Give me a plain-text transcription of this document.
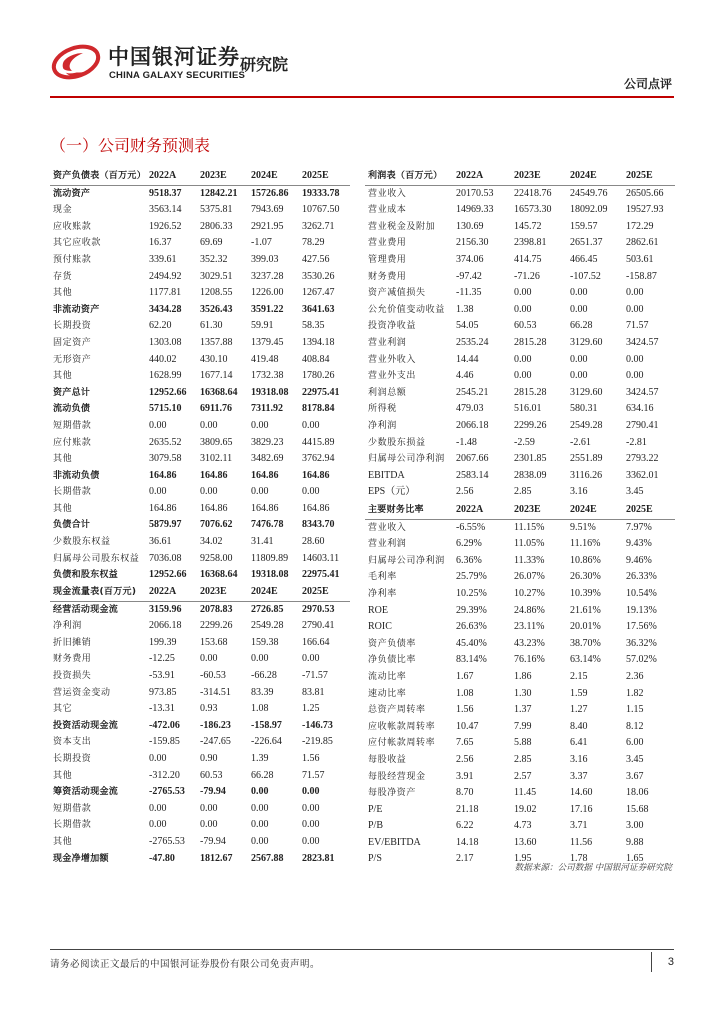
中国银河证券
CHINA GALAXY SECURITIES
研究院
公司点评
（一）公司财务预测表
资产负债表（百万元）	2022A	2023E	2024E	2025E
流动资产	9518.37	12842.21	15726.86	19333.78
现金	3563.14	5375.81	7943.69	10767.50
应收账款	1926.52	2806.33	2921.95	3262.71
其它应收款	16.37	69.69	-1.07	78.29
预付账款	339.61	352.32	399.03	427.56
存货	2494.92	3029.51	3237.28	3530.26
其他	1177.81	1208.55	1226.00	1267.47
非流动资产	3434.28	3526.43	3591.22	3641.63
长期投资	62.20	61.30	59.91	58.35
固定资产	1303.08	1357.88	1379.45	1394.18
无形资产	440.02	430.10	419.48	408.84
其他	1628.99	1677.14	1732.38	1780.26
资产总计	12952.66	16368.64	19318.08	22975.41
流动负债	5715.10	6911.76	7311.92	8178.84
短期借款	0.00	0.00	0.00	0.00
应付账款	2635.52	3809.65	3829.23	4415.89
其他	3079.58	3102.11	3482.69	3762.94
非流动负债	164.86	164.86	164.86	164.86
长期借款	0.00	0.00	0.00	0.00
其他	164.86	164.86	164.86	164.86
负债合计	5879.97	7076.62	7476.78	8343.70
少数股东权益	36.61	34.02	31.41	28.60
归属母公司股东权益	7036.08	9258.00	11809.89	14603.11
负债和股东权益	12952.66	16368.64	19318.08	22975.41
利润表（百万元）	2022A	2023E	2024E	2025E
营业收入	20170.53	22418.76	24549.76	26505.66
营业成本	14969.33	16573.30	18092.09	19527.93
营业税金及附加	130.69	145.72	159.57	172.29
营业费用	2156.30	2398.81	2651.37	2862.61
管理费用	374.06	414.75	466.45	503.61
财务费用	-97.42	-71.26	-107.52	-158.87
资产减值损失	-11.35	0.00	0.00	0.00
公允价值变动收益	1.38	0.00	0.00	0.00
投资净收益	54.05	60.53	66.28	71.57
营业利润	2535.24	2815.28	3129.60	3424.57
营业外收入	14.44	0.00	0.00	0.00
营业外支出	4.46	0.00	0.00	0.00
利润总额	2545.21	2815.28	3129.60	3424.57
所得税	479.03	516.01	580.31	634.16
净利润	2066.18	2299.26	2549.28	2790.41
少数股东损益	-1.48	-2.59	-2.61	-2.81
归属母公司净利润	2067.66	2301.85	2551.89	2793.22
EBITDA	2583.14	2838.09	3116.26	3362.01
EPS（元）	2.56	2.85	3.16	3.45
主要财务比率	2022A	2023E	2024E	2025E
营业收入	-6.55%	11.15%	9.51%	7.97%
营业利润	6.29%	11.05%	11.16%	9.43%
归属母公司净利润	6.36%	11.33%	10.86%	9.46%
毛利率	25.79%	26.07%	26.30%	26.33%
净利率	10.25%	10.27%	10.39%	10.54%
ROE	29.39%	24.86%	21.61%	19.13%
ROIC	26.63%	23.11%	20.01%	17.56%
资产负债率	45.40%	43.23%	38.70%	36.32%
净负债比率	83.14%	76.16%	63.14%	57.02%
流动比率	1.67	1.86	2.15	2.36
速动比率	1.08	1.30	1.59	1.82
总资产周转率	1.56	1.37	1.27	1.15
应收帐款周转率	10.47	7.99	8.40	8.12
应付帐款周转率	7.65	5.88	6.41	6.00
每股收益	2.56	2.85	3.16	3.45
每股经营现金	3.91	2.57	3.37	3.67
每股净资产	8.70	11.45	14.60	18.06
P/E	21.18	19.02	17.16	15.68
P/B	6.22	4.73	3.71	3.00
EV/EBITDA	14.18	13.60	11.56	9.88
P/S	2.17	1.95	1.78	1.65
现金流量表(百万元)	2022A	2023E	2024E	2025E
经营活动现金流	3159.96	2078.83	2726.85	2970.53
净利润	2066.18	2299.26	2549.28	2790.41
折旧摊销	199.39	153.68	159.38	166.64
财务费用	-12.25	0.00	0.00	0.00
投资损失	-53.91	-60.53	-66.28	-71.57
营运资金变动	973.85	-314.51	83.39	83.81
其它	-13.31	0.93	1.08	1.25
投资活动现金流	-472.06	-186.23	-158.97	-146.73
资本支出	-159.85	-247.65	-226.64	-219.85
长期投资	0.00	0.90	1.39	1.56
其他	-312.20	60.53	66.28	71.57
筹资活动现金流	-2765.53	-79.94	0.00	0.00
短期借款	0.00	0.00	0.00	0.00
长期借款	0.00	0.00	0.00	0.00
其他	-2765.53	-79.94	0.00	0.00
现金净增加额	-47.80	1812.67	2567.88	2823.81
数据来源：公司数据 中国银河证券研究院
请务必阅读正文最后的中国银河证券股份有限公司免责声明。	3
